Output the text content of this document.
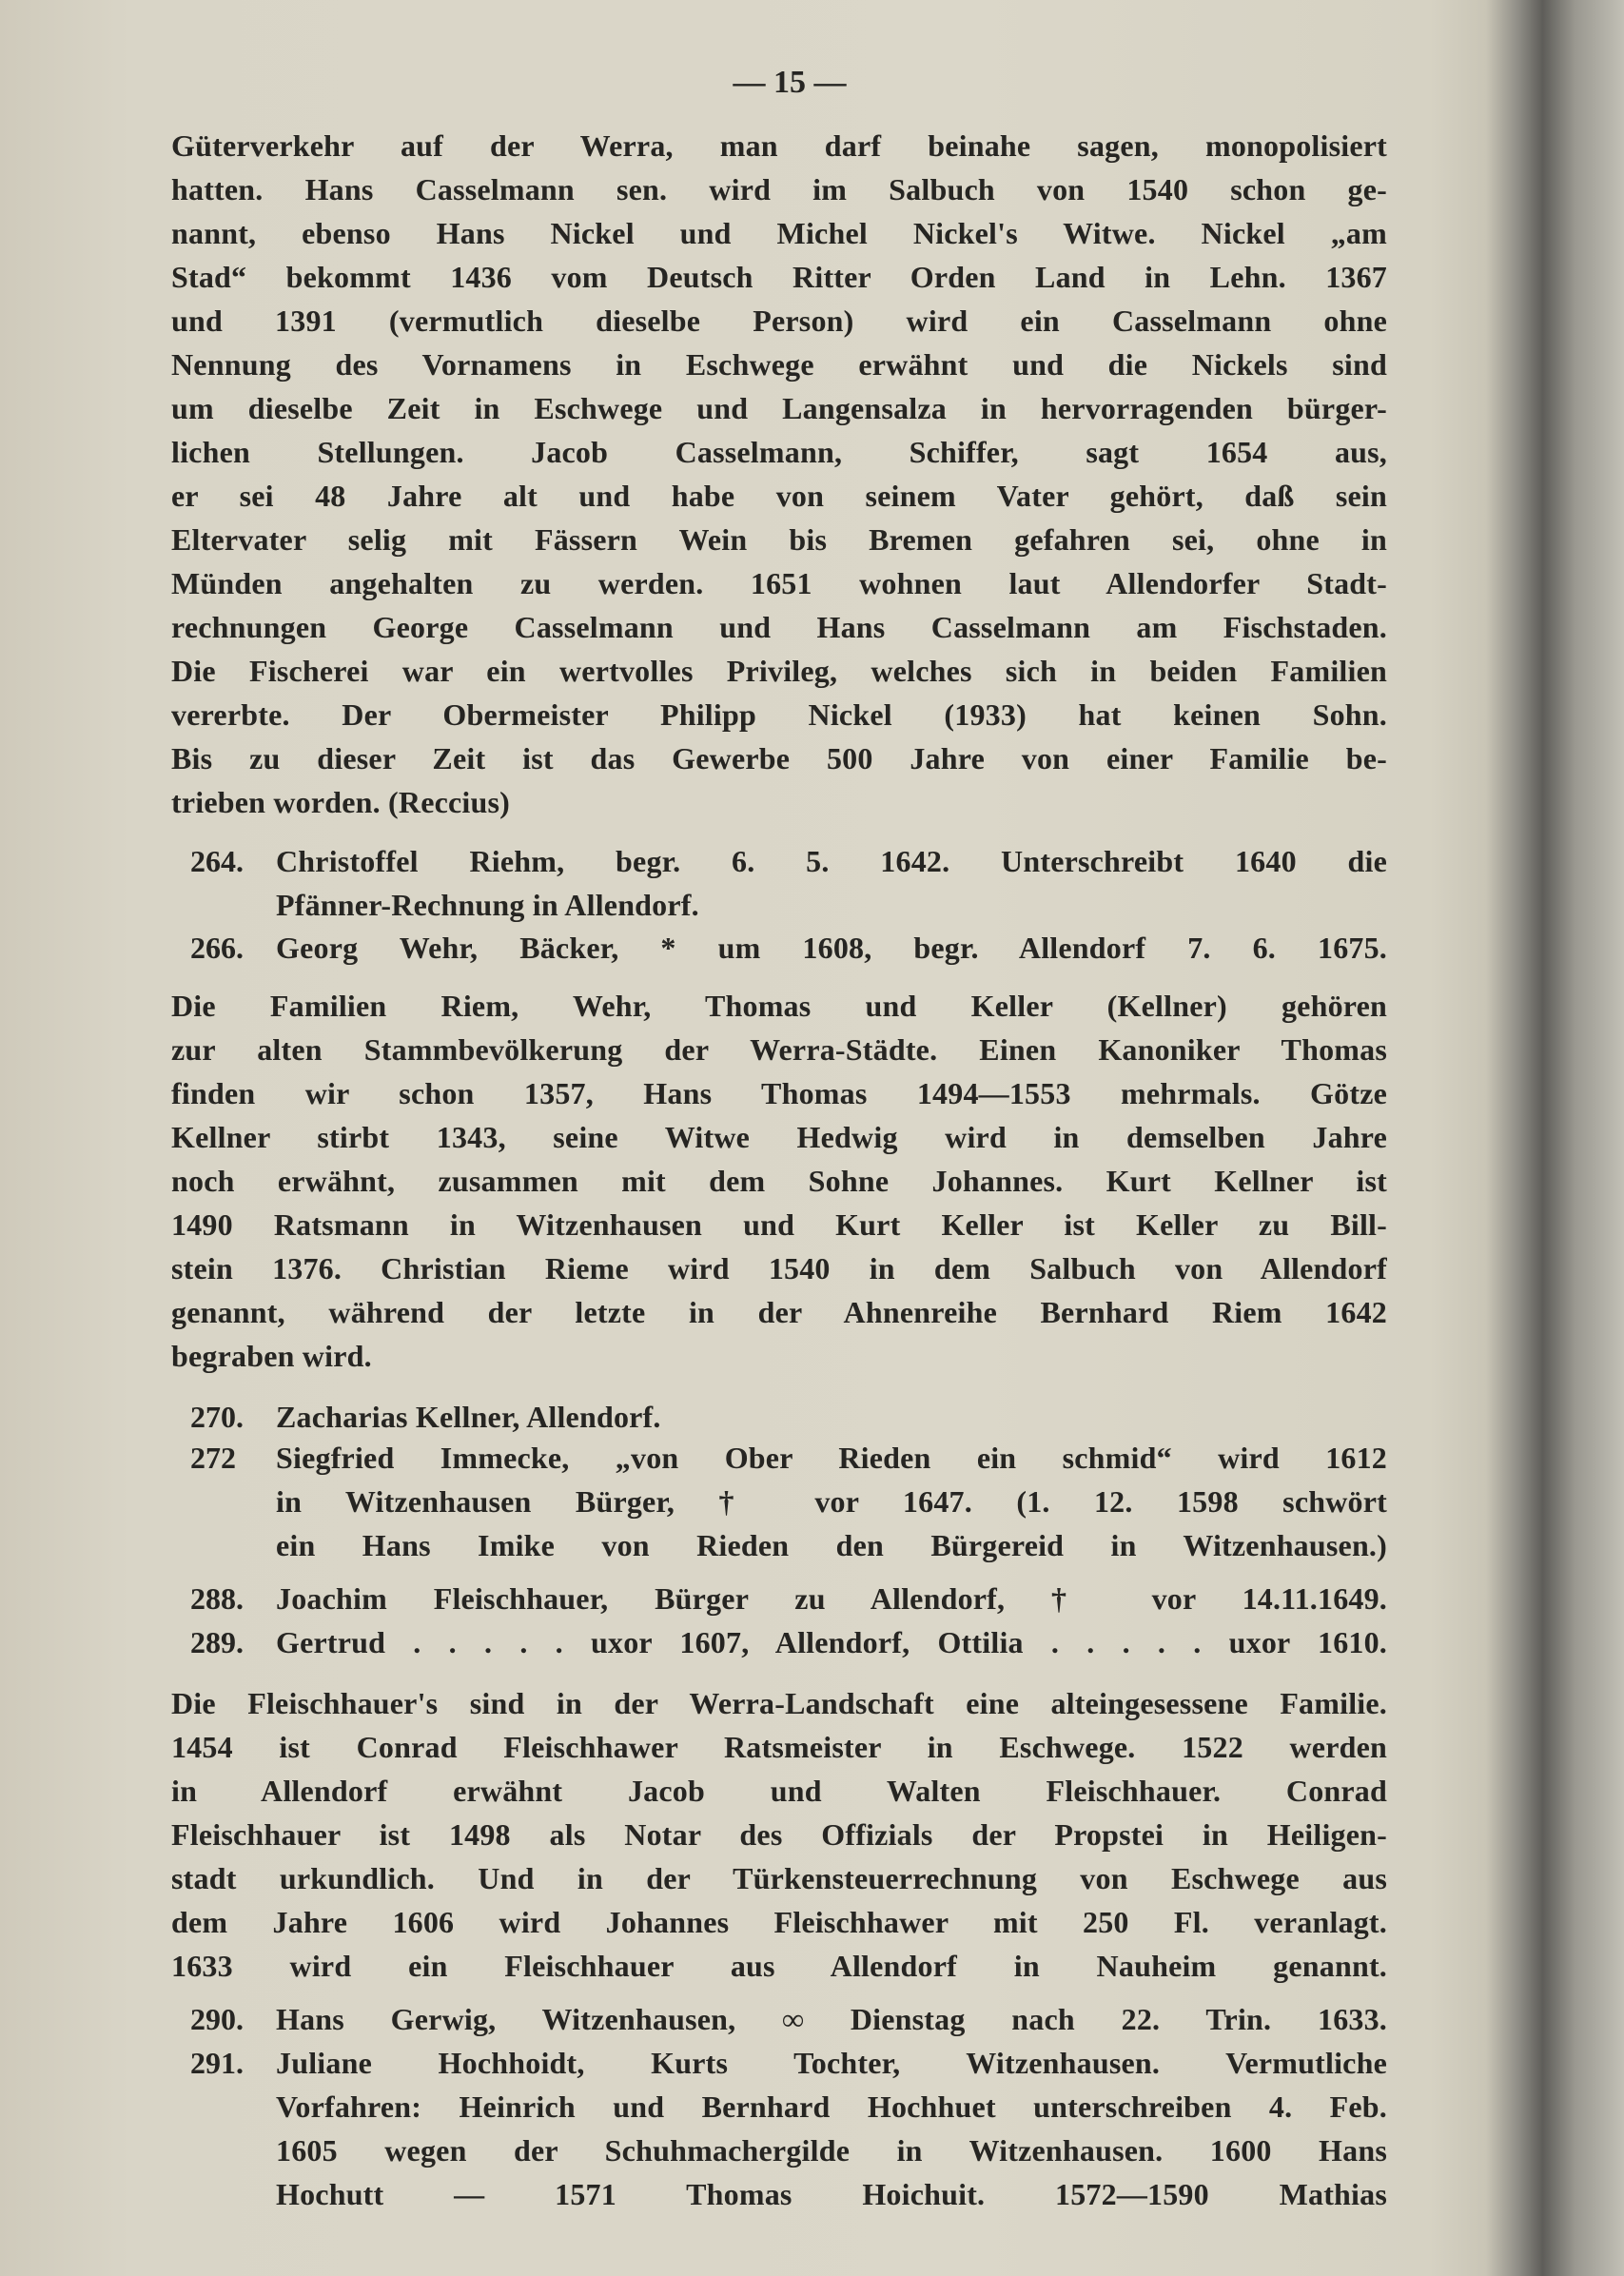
— 15 —
Güterverkehr auf der Werra, man darf beinahe sagen, monopolisiert
hatten. Hans Casselmann sen. wird im Salbuch von 1540 schon ge-
nannt, ebenso Hans Nickel und Michel Nickel's Witwe. Nickel „am
Stad“ bekommt 1436 vom Deutsch Ritter Orden Land in Lehn. 1367
und 1391 (vermutlich dieselbe Person) wird ein Casselmann ohne
Nennung des Vornamens in Eschwege erwähnt und die Nickels sind
um dieselbe Zeit in Eschwege und Langensalza in hervorragenden bürger-
lichen Stellungen. Jacob Casselmann, Schiffer, sagt 1654 aus,
er sei 48 Jahre alt und habe von seinem Vater gehört, daß sein
Eltervater selig mit Fässern Wein bis Bremen gefahren sei, ohne in
Münden angehalten zu werden. 1651 wohnen laut Allendorfer Stadt-
rechnungen George Casselmann und Hans Casselmann am Fischstaden.
Die Fischerei war ein wertvolles Privileg, welches sich in beiden Familien
vererbte. Der Obermeister Philipp Nickel (1933) hat keinen Sohn.
Bis zu dieser Zeit ist das Gewerbe 500 Jahre von einer Familie be-
trieben worden. (Reccius)
264. Christoffel Riehm, begr. 6. 5. 1642. Unterschreibt 1640 die
Pfänner-Rechnung in Allendorf.
266. Georg Wehr, Bäcker, * um 1608, begr. Allendorf 7. 6. 1675.
Die Familien Riem, Wehr, Thomas und Keller (Kellner) gehören
zur alten Stammbevölkerung der Werra-Städte. Einen Kanoniker Thomas
finden wir schon 1357, Hans Thomas 1494—1553 mehrmals. Götze
Kellner stirbt 1343, seine Witwe Hedwig wird in demselben Jahre
noch erwähnt, zusammen mit dem Sohne Johannes. Kurt Kellner ist
1490 Ratsmann in Witzenhausen und Kurt Keller ist Keller zu Bill-
stein 1376. Christian Rieme wird 1540 in dem Salbuch von Allendorf
genannt, während der letzte in der Ahnenreihe Bernhard Riem 1642
begraben wird.
270. Zacharias Kellner, Allendorf.
272 Siegfried Immecke, „von Ober Rieden ein schmid“ wird 1612
in Witzenhausen Bürger, † vor 1647. (1. 12. 1598 schwört
ein Hans Imike von Rieden den Bürgereid in Witzenhausen.)
288. Joachim Fleischhauer, Bürger zu Allendorf, † vor 14.11.1649.
289. Gertrud . . . . . uxor 1607, Allendorf, Ottilia . . . . . uxor 1610.
Die Fleischhauer's sind in der Werra-Landschaft eine alteingesessene Familie.
1454 ist Conrad Fleischhawer Ratsmeister in Eschwege. 1522 werden
in Allendorf erwähnt Jacob und Walten Fleischhauer. Conrad
Fleischhauer ist 1498 als Notar des Offizials der Propstei in Heiligen-
stadt urkundlich. Und in der Türkensteuerrechnung von Eschwege aus
dem Jahre 1606 wird Johannes Fleischhawer mit 250 Fl. veranlagt.
1633 wird ein Fleischhauer aus Allendorf in Nauheim genannt.
290. Hans Gerwig, Witzenhausen, ∞ Dienstag nach 22. Trin. 1633.
291. Juliane Hochhoidt, Kurts Tochter, Witzenhausen. Vermutliche
Vorfahren: Heinrich und Bernhard Hochhuet unterschreiben 4. Feb.
1605 wegen der Schuhmachergilde in Witzenhausen. 1600 Hans
Hochutt — 1571 Thomas Hoichuit. 1572—1590 Mathias
